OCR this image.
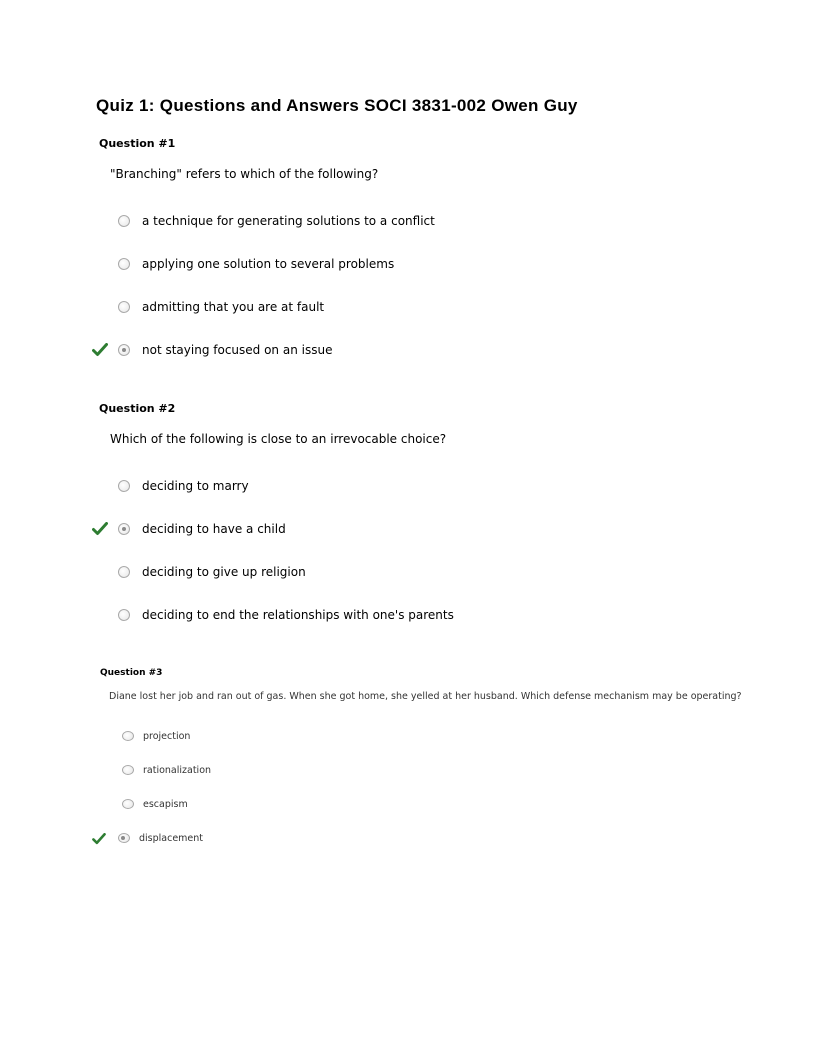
Quiz 1: Questions and Answers SOCI 3831-002 Owen Guy
Question #1
"Branching" refers to which of the following?
a technique for generating solutions to a conflict
applying one solution to several problems
admitting that you are at fault
not staying focused on an issue
Question #2
Which of the following is close to an irrevocable choice?
deciding to marry
deciding to have a child
deciding to give up religion
deciding to end the relationships with one's parents
Question #3
Diane lost her job and ran out of gas. When she got home, she yelled at her husband. Which defense mechanism may be operating?
projection
rationalization
escapism
displacement
